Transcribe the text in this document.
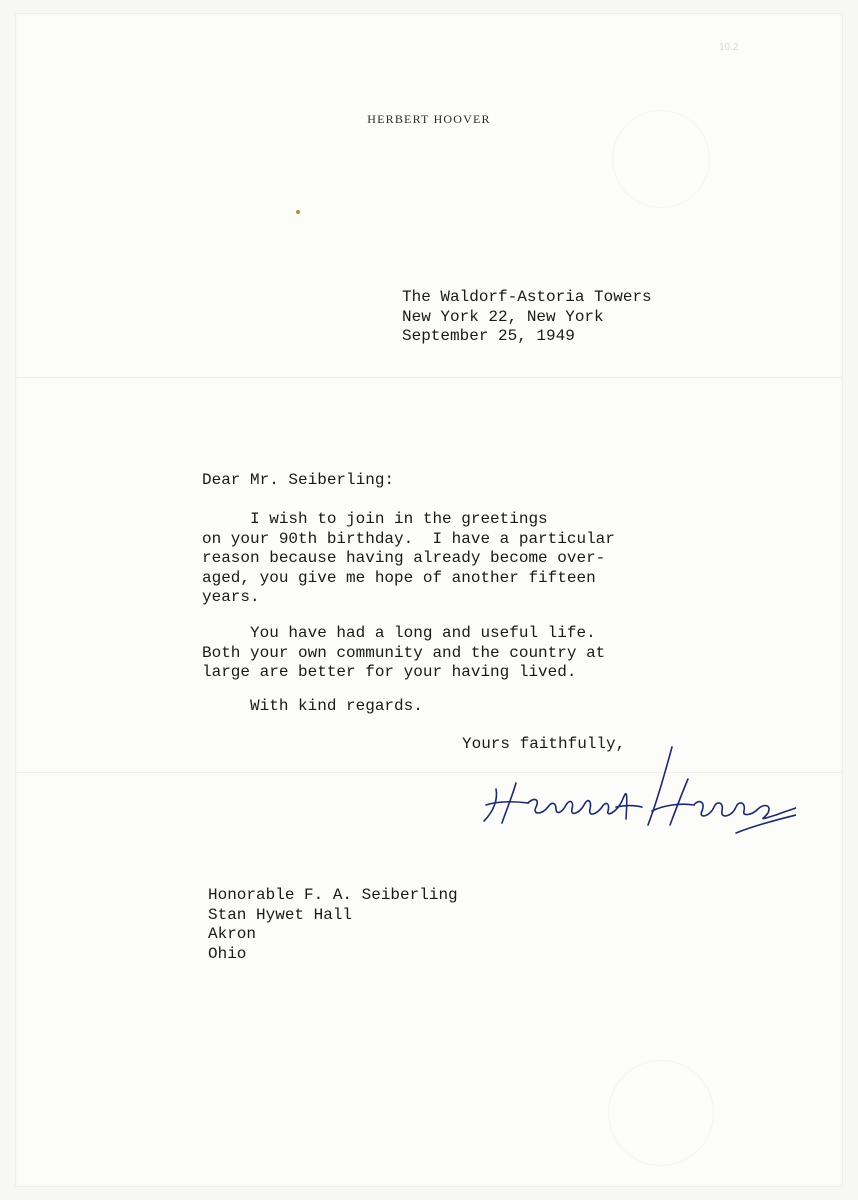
10.2
HERBERT HOOVER
The Waldorf-Astoria Towers
New York 22, New York
September 25, 1949
Dear Mr. Seiberling:
I wish to join in the greetings
on your 90th birthday.  I have a particular
reason because having already become over-
aged, you give me hope of another fifteen
years.
You have had a long and useful life.
Both your own community and the country at
large are better for your having lived.
With kind regards.
Yours faithfully,
Honorable F. A. Seiberling
Stan Hywet Hall
Akron
Ohio
